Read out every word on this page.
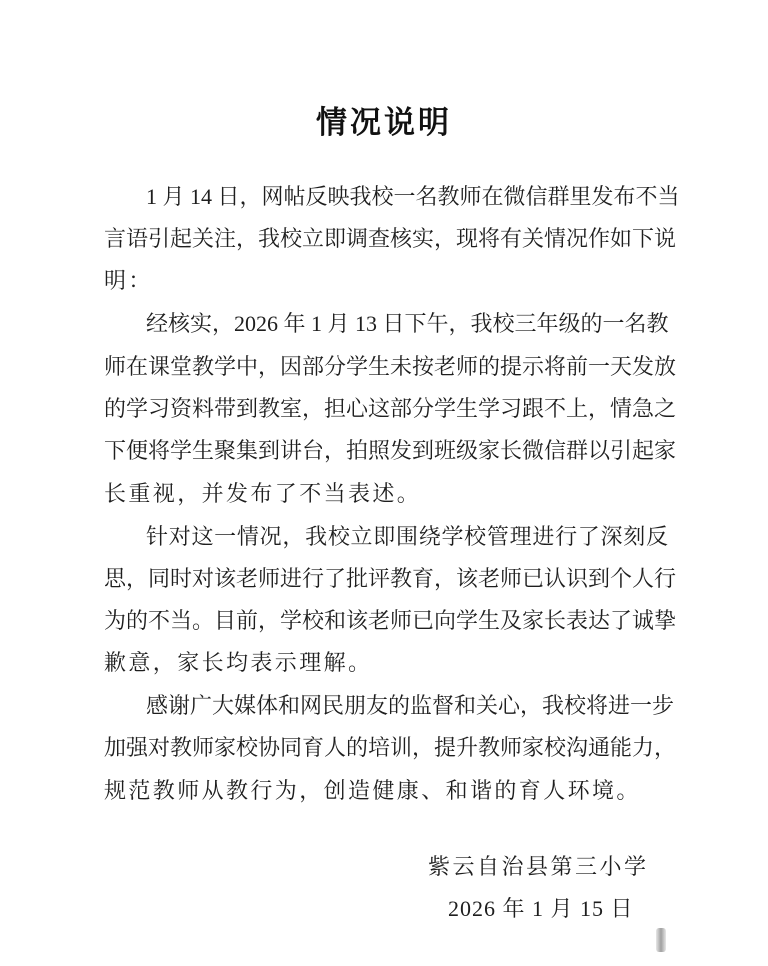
情况说明
1 月 14 日，网帖反映我校一名教师在微信群里发布不当
言语引起关注，我校立即调查核实，现将有关情况作如下说
明：
经核实，2026 年 1 月 13 日下午，我校三年级的一名教
师在课堂教学中，因部分学生未按老师的提示将前一天发放
的学习资料带到教室，担心这部分学生学习跟不上，情急之
下便将学生聚集到讲台，拍照发到班级家长微信群以引起家
长重视，并发布了不当表述。
针对这一情况，我校立即围绕学校管理进行了深刻反
思，同时对该老师进行了批评教育，该老师已认识到个人行
为的不当。目前，学校和该老师已向学生及家长表达了诚挚
歉意，家长均表示理解。
感谢广大媒体和网民朋友的监督和关心，我校将进一步
加强对教师家校协同育人的培训，提升教师家校沟通能力，
规范教师从教行为，创造健康、和谐的育人环境。
紫云自治县第三小学
2026 年 1 月 15 日
